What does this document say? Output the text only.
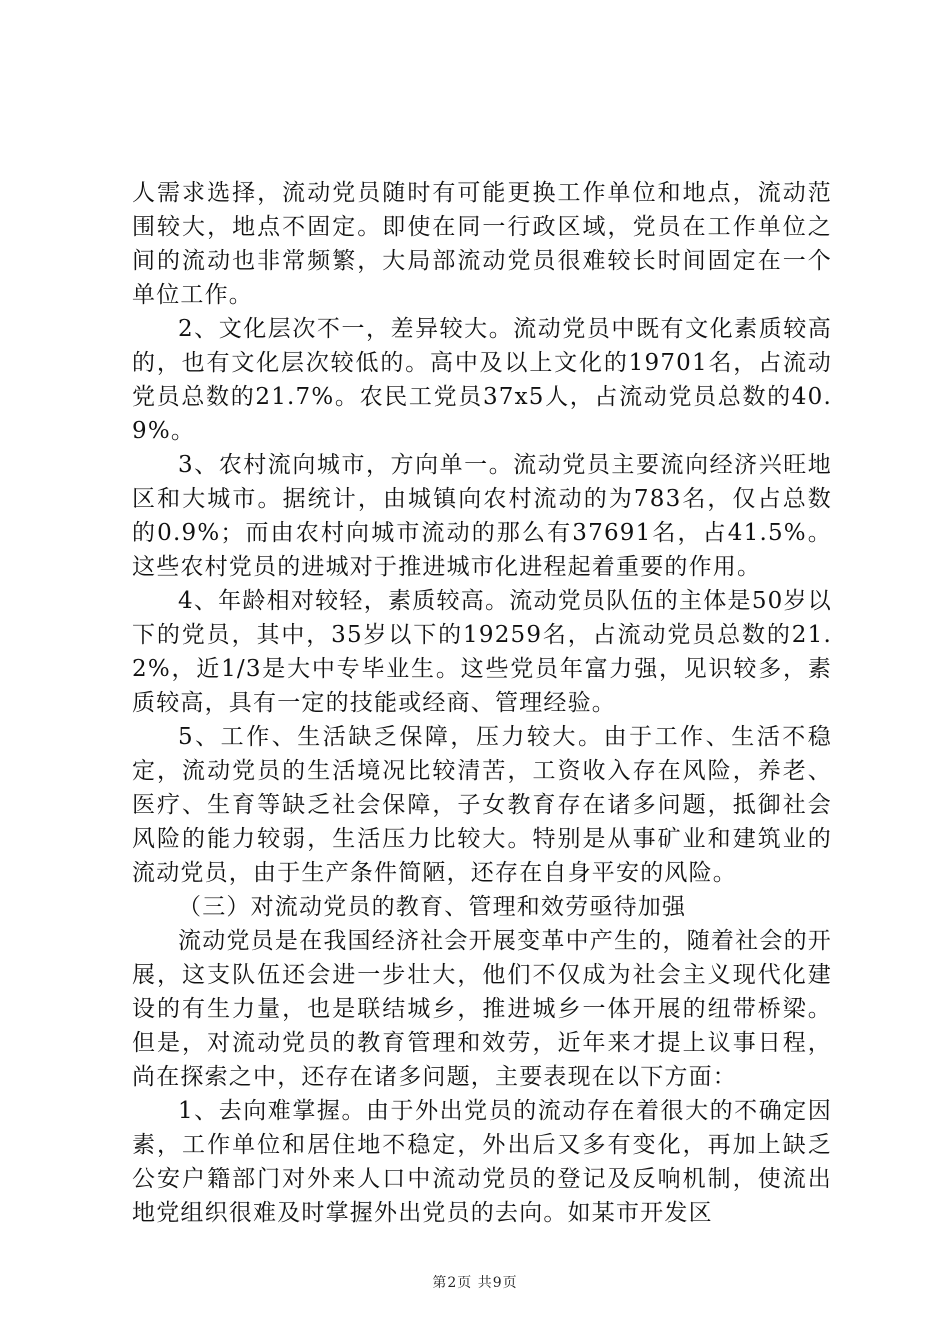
人需求选择，流动党员随时有可能更换工作单位和地点，流动范围较大，地点不固定。即使在同一行政区域，党员在工作单位之间的流动也非常频繁，大局部流动党员很难较长时间固定在一个单位工作。

2、文化层次不一，差异较大。流动党员中既有文化素质较高的，也有文化层次较低的。高中及以上文化的19701名，占流动党员总数的21.7%。农民工党员37x5人，占流动党员总数的40.9%。

3、农村流向城市，方向单一。流动党员主要流向经济兴旺地区和大城市。据统计，由城镇向农村流动的为783名，仅占总数的0.9%；而由农村向城市流动的那么有37691名，占41.5%。这些农村党员的进城对于推进城市化进程起着重要的作用。

4、年龄相对较轻，素质较高。流动党员队伍的主体是50岁以下的党员，其中，35岁以下的19259名，占流动党员总数的21.2%，近1/3是大中专毕业生。这些党员年富力强，见识较多，素质较高，具有一定的技能或经商、管理经验。

5、工作、生活缺乏保障，压力较大。由于工作、生活不稳定，流动党员的生活境况比较清苦，工资收入存在风险，养老、医疗、生育等缺乏社会保障，子女教育存在诸多问题，抵御社会风险的能力较弱，生活压力比较大。特别是从事矿业和建筑业的流动党员，由于生产条件简陋，还存在自身平安的风险。

（三）对流动党员的教育、管理和效劳亟待加强

流动党员是在我国经济社会开展变革中产生的，随着社会的开展，这支队伍还会进一步壮大，他们不仅成为社会主义现代化建设的有生力量，也是联结城乡，推进城乡一体开展的纽带桥梁。但是，对流动党员的教育管理和效劳，近年来才提上议事日程，尚在探索之中，还存在诸多问题，主要表现在以下方面：

1、去向难掌握。由于外出党员的流动存在着很大的不确定因素，工作单位和居住地不稳定，外出后又多有变化，再加上缺乏公安户籍部门对外来人口中流动党员的登记及反响机制，使流出地党组织很难及时掌握外出党员的去向。如某市开发区

第2页 共9页
